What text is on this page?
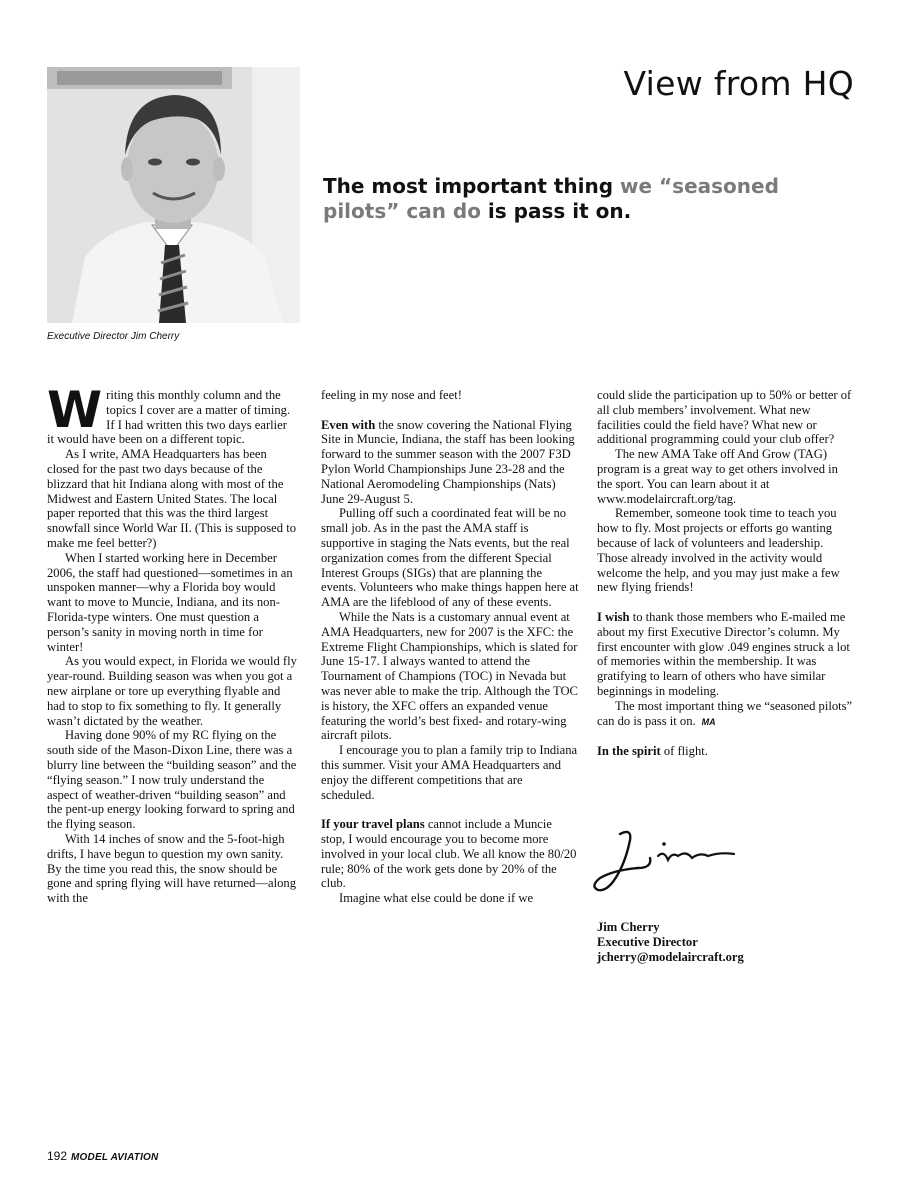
Executive Director Jim Cherry
View from HQ
The most important thing we “seasoned pilots” can do is pass it on.

Writing this monthly column and the topics I cover are a matter of timing. If I had written this two days earlier it would have been on a different topic.

As I write, AMA Headquarters has been closed for the past two days because of the blizzard that hit Indiana along with most of the Midwest and Eastern United States. The local paper reported that this was the third largest snowfall since World War II. (This is supposed to make me feel better?)

When I started working here in December 2006, the staff had questioned—sometimes in an unspoken manner—why a Florida boy would want to move to Muncie, Indiana, and its non-Florida-type winters. One must question a person’s sanity in moving north in time for winter!

As you would expect, in Florida we would fly year-round. Building season was when you got a new airplane or tore up everything flyable and had to stop to fix something to fly. It generally wasn’t dictated by the weather.

Having done 90% of my RC flying on the south side of the Mason-Dixon Line, there was a blurry line between the “building season” and the “flying season.” I now truly understand the aspect of weather-driven “building season” and the pent-up energy looking forward to spring and the flying season.

With 14 inches of snow and the 5-foot-high drifts, I have begun to question my own sanity. By the time you read this, the snow should be gone and spring flying will have returned—along with the

feeling in my nose and feet!

Even with the snow covering the National Flying Site in Muncie, Indiana, the staff has been looking forward to the summer season with the 2007 F3D Pylon World Championships June 23-28 and the National Aeromodeling Championships (Nats) June 29-August 5.

Pulling off such a coordinated feat will be no small job. As in the past the AMA staff is supportive in staging the Nats events, but the real organization comes from the different Special Interest Groups (SIGs) that are planning the events. Volunteers who make things happen here at AMA are the lifeblood of any of these events.

While the Nats is a customary annual event at AMA Headquarters, new for 2007 is the XFC: the Extreme Flight Championships, which is slated for June 15-17. I always wanted to attend the Tournament of Champions (TOC) in Nevada but was never able to make the trip. Although the TOC is history, the XFC offers an expanded venue featuring the world’s best fixed- and rotary-wing aircraft pilots.

I encourage you to plan a family trip to Indiana this summer. Visit your AMA Headquarters and enjoy the different competitions that are scheduled.

If your travel plans cannot include a Muncie stop, I would encourage you to become more involved in your local club. We all know the 80/20 rule; 80% of the work gets done by 20% of the club.

Imagine what else could be done if we

could slide the participation up to 50% or better of all club members’ involvement. What new facilities could the field have? What new or additional programming could your club offer?

The new AMA Take off And Grow (TAG) program is a great way to get others involved in the sport. You can learn about it at www.modelaircraft.org/tag.

Remember, someone took time to teach you how to fly. Most projects or efforts go wanting because of lack of volunteers and leadership. Those already involved in the activity would welcome the help, and you may just make a few new flying friends!

I wish to thank those members who E-mailed me about my first Executive Director’s column. My first encounter with glow .049 engines struck a lot of memories within the membership. It was gratifying to learn of others who have similar beginnings in modeling.

The most important thing we “seasoned pilots” can do is pass it on. MA

In the spirit of flight.

Jim Cherry
Executive Director
jcherry@modelaircraft.org
192 MODEL AVIATION
